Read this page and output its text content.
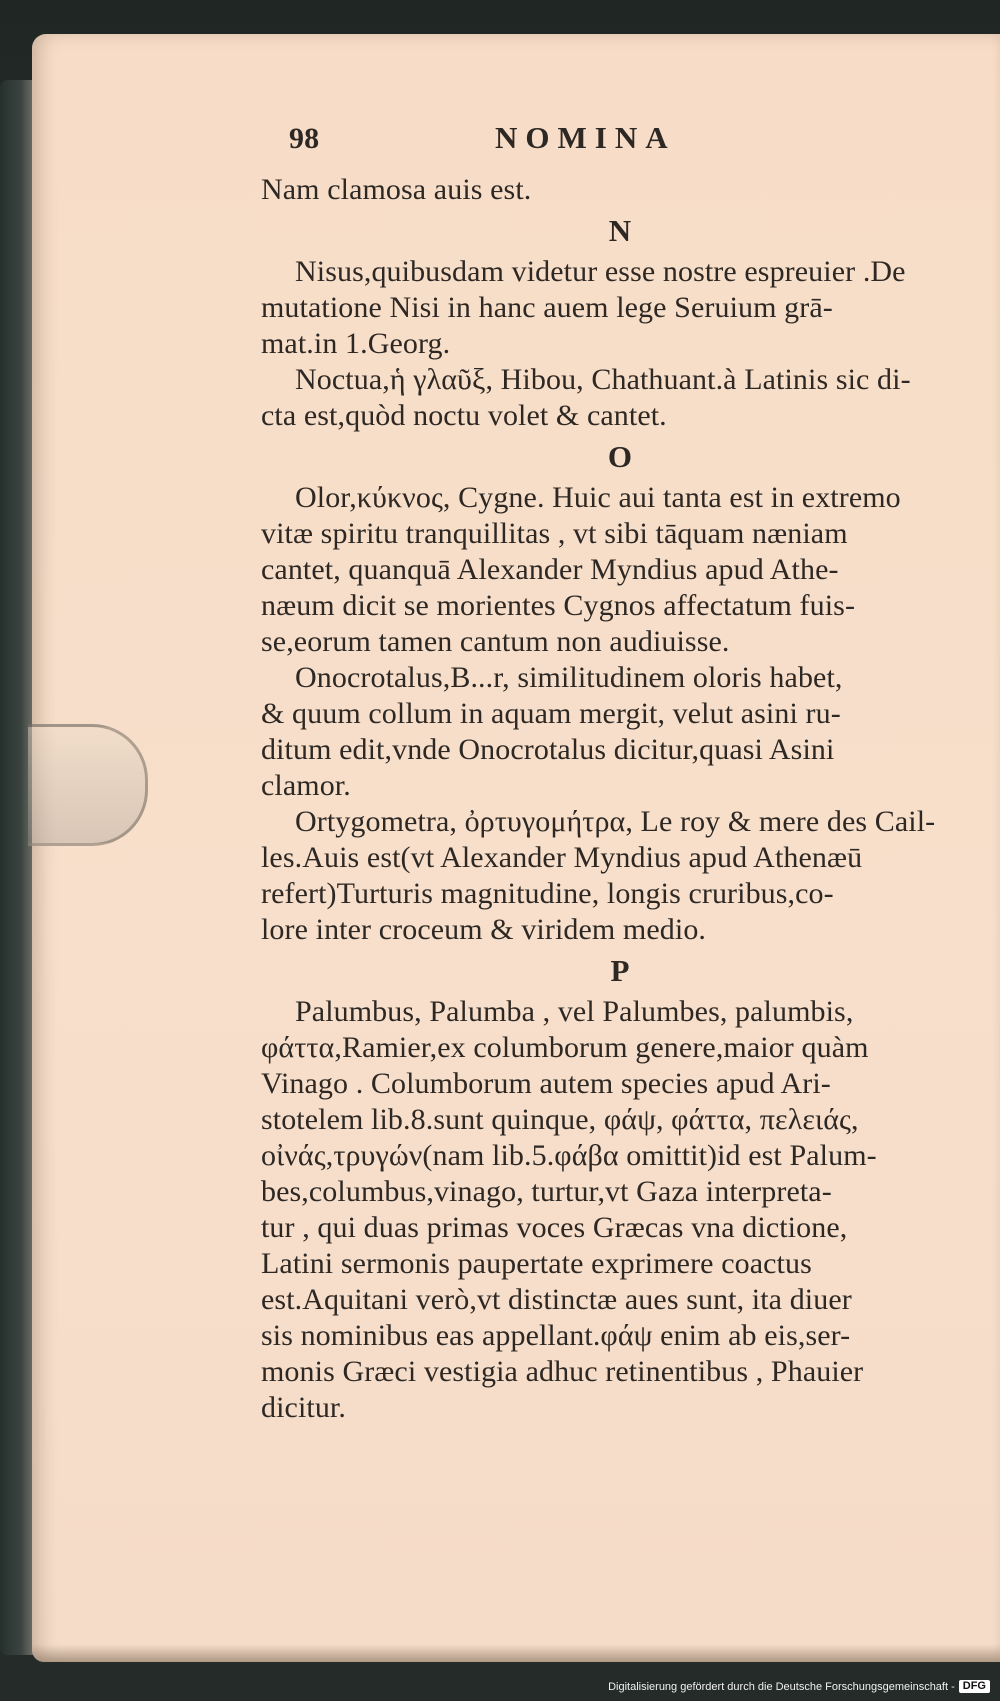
98	NOMINA
Nam clamosa auis est.
N
Nisus,quibusdam videtur esse nostre espreuier .De
mutatione Nisi in hanc auem lege Seruium grā-
mat.in 1.Georg.
Noctua,ἡ γλαῦξ, Hibou, Chathuant.à Latinis sic di-
cta est,quòd noctu volet & cantet.
O
Olor,κύκνος, Cygne. Huic aui tanta est in extremo
vitæ spiritu tranquillitas , vt sibi tāquam næniam
cantet, quanquā Alexander Myndius apud Athe-
næum dicit se morientes Cygnos affectatum fuis-
se,eorum tamen cantum non audiuisse.
Onocrotalus,B...r, similitudinem oloris habet,
& quum collum in aquam mergit, velut asini ru-
ditum edit,vnde Onocrotalus dicitur,quasi Asini
clamor.
Ortygometra, ὀρτυγομήτρα, Le roy & mere des Cail-
les.Auis est(vt Alexander Myndius apud Athenæū
refert)Turturis magnitudine, longis cruribus,co-
lore inter croceum & viridem medio.
P
Palumbus, Palumba , vel Palumbes, palumbis,
φάττα,Ramier,ex columborum genere,maior quàm
Vinago . Columborum autem species apud Ari-
stotelem lib.8.sunt quinque, φάψ, φάττα, πελειάς,
οἰνάς,τρυγών(nam lib.5.φάβα omittit)id est Palum-
bes,columbus,vinago, turtur,vt Gaza interpreta-
tur , qui duas primas voces Græcas vna dictione,
Latini sermonis paupertate exprimere coactus
est.Aquitani verò,vt distinctæ aues sunt, ita diuer
sis nominibus eas appellant.φάψ enim ab eis,ser-
monis Græci vestigia adhuc retinentibus , Phauier
dicitur.
Digitalisierung gefördert durch die Deutsche Forschungsgemeinschaft - DFG
